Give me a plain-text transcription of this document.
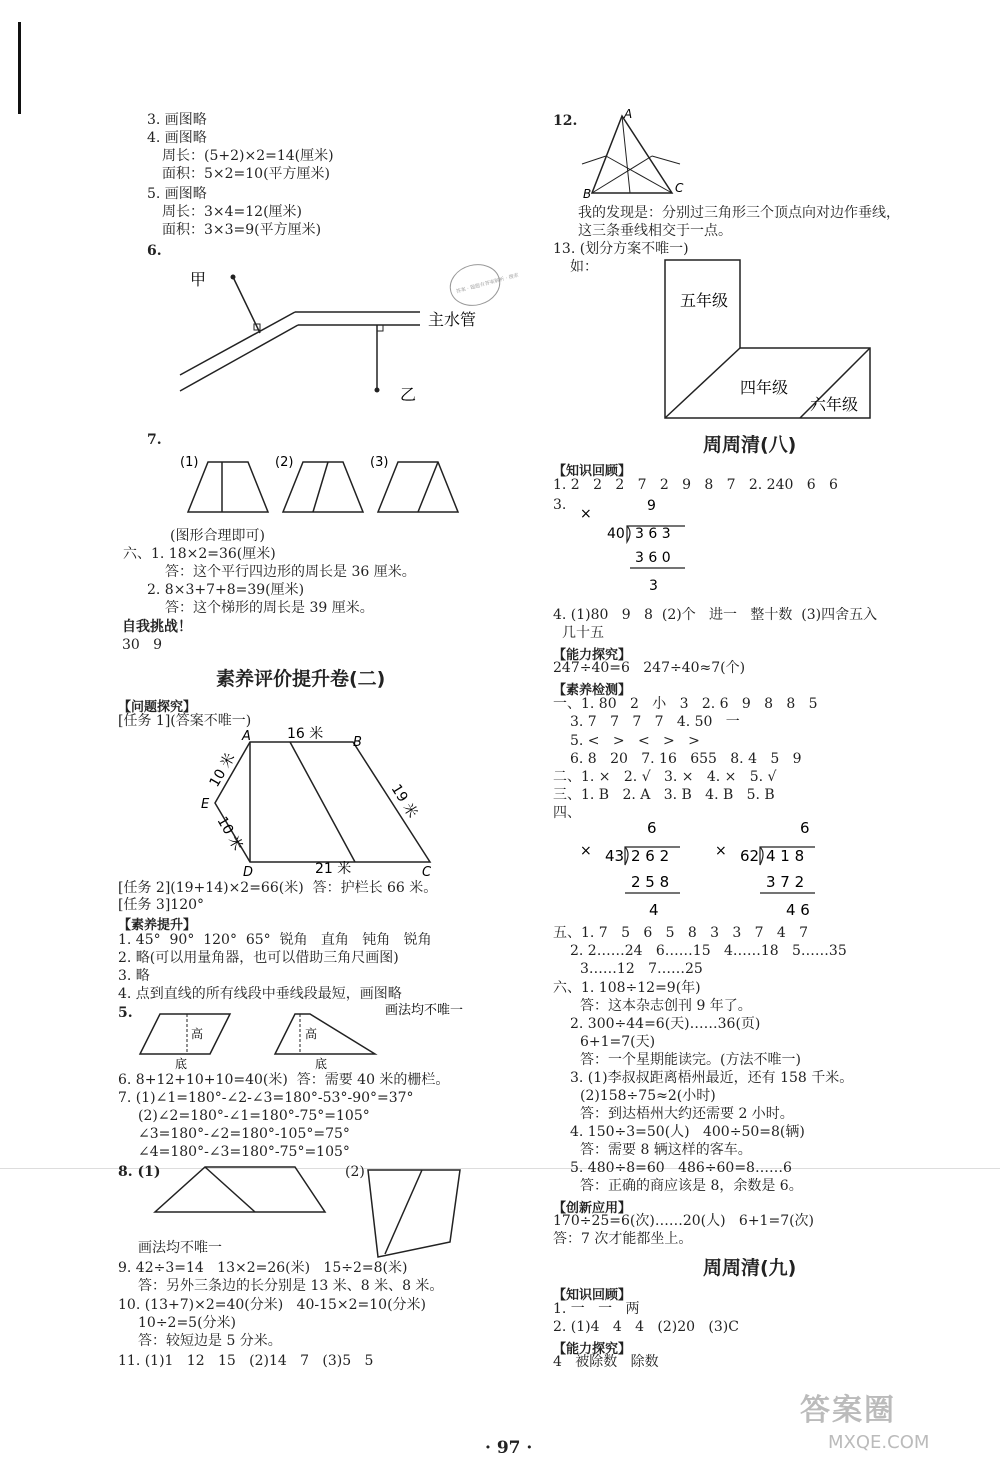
3. 画图略
4. 画图略
周长：(5+2)×2=14(厘米)
面积：5×2=10(平方厘米)
5. 画图略
周长：3×4=12(厘米)
面积：3×3=9(平方厘米)
6.
甲
乙
主水管
答案 · 题题有答案解析 · 搜索
7.
(1)	(2)	(3)
(图形合理即可)
六、1. 18×2=36(厘米)
答：这个平行四边形的周长是 36 厘米。
2. 8×3+7+8=39(厘米)
答：这个梯形的周长是 39 厘米。
自我挑战！
30   9
素养评价提升卷(二)
【问题探究】
[任务 1](答案不唯一)
A	B
C
D
E
16 米
21 米
19 米
10 米
10 米
[任务 2](19+14)×2=66(米)  答：护栏长 66 米。
[任务 3]120°
【素养提升】
1. 45°  90°  120°  65°  锐角   直角   钝角   锐角
2. 略(可以用量角器，也可以借助三角尺画图)
3. 略
4. 点到直线的所有线段中垂线段最短，画图略
5.
高
底
高
底
画法均不唯一
6. 8+12+10+10=40(米)  答：需要 40 米的栅栏。
7. (1)∠1=180°-∠2-∠3=180°-53°-90°=37°
(2)∠2=180°-∠1=180°-75°=105°
∠3=180°-∠2=180°-105°=75°
∠4=180°-∠3=180°-75°=105°
8. (1)	(2)
画法均不唯一
9. 42÷3=14   13×2=26(米)   15÷2=8(米)
答：另外三条边的长分别是 13 米、8 米、8 米。
10. (13+7)×2=40(分米)   40-15×2=10(分米)
10÷2=5(分米)
答：较短边是 5 分米。
11. (1)1   12   15   (2)14   7   (3)5   5
12.	A
B	C
我的发现是：分别过三角形三个顶点向对边作垂线，
这三条垂线相交于一点。
13. (划分方案不唯一)
如：
五年级
四年级
六年级
周周清(八)
【知识回顾】
1. 2   2   2   7   2   9   8   7   2. 240   6   6
3.
×	9
40 3 6 3
3 6 0
3
4. (1)80   9   8  (2)个   进一   整十数  (3)四舍五入
几十五
【能力探究】
247÷40=6   247÷40≈7(个)
【素养检测】
一、1. 80   2   小   3   2. 6   9   8   8   5
3. 7   7   7   7   4. 50   一
5. <   >   <   >   >
6. 8   20   7. 16   655   8. 4   5   9
二、1. ×   2. √   3. ×   4. ×   5. √
三、1. B   2. A   3. B   4. B   5. B
四、
×
6
43 2 6 2
2 5 8
4
×
6
62 4 1 8
3 7 2
4 6
五、1. 7   5   6   5   8   3   3   7   4   7
2. 2……24   6……15   4……18   5……35
3……12   7……25
六、1. 108÷12=9(年)
答：这本杂志创刊 9 年了。
2. 300÷44=6(天)……36(页)
6+1=7(天)
答：一个星期能读完。(方法不唯一)
3. (1)李叔叔距离梧州最近，还有 158 千米。
(2)158÷75≈2(小时)
答：到达梧州大约还需要 2 小时。
4. 150÷3=50(人)   400÷50=8(辆)
答：需要 8 辆这样的客车。
5. 480÷8=60   486÷60=8……6
答：正确的商应该是 8，余数是 6。
【创新应用】
170÷25=6(次)……20(人)   6+1=7(次)
答：7 次才能都坐上。
周周清(九)
【知识回顾】
1. 一   一   两
2. (1)4   4   4   (2)20   (3)C
【能力探究】
4   被除数   除数
· 97 ·
答案圈
MXQE.COM
